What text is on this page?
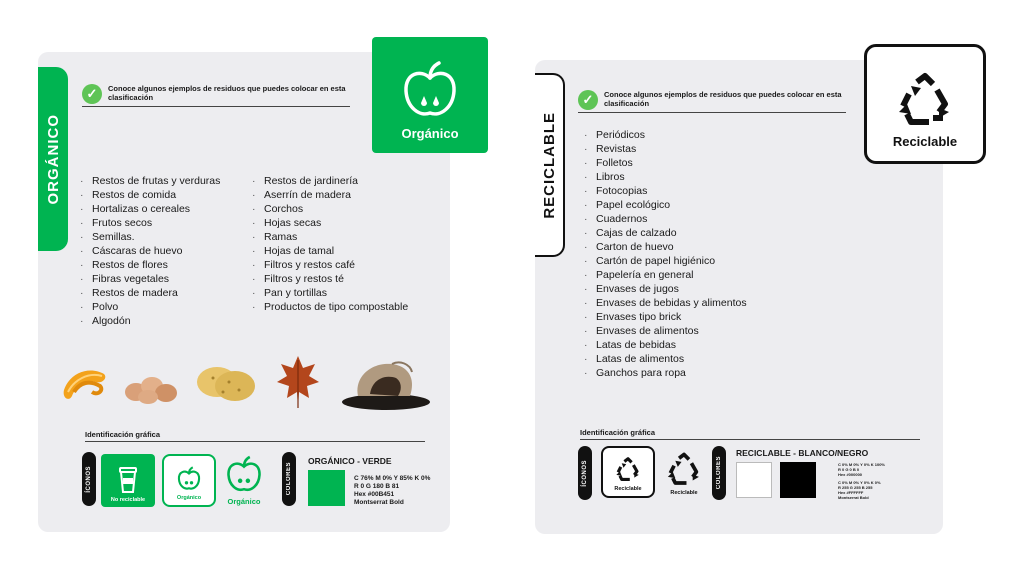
ORGÁNICO
✓	Conoce algunos ejemplos de residuos que puedes colocar en esta clasificación
Orgánico
· Restos de frutas y verduras
· Restos de comida
· Hortalizas o cereales
· Frutos secos
· Semillas.
· Cáscaras de huevo
· Restos de flores
· Fibras vegetales
· Restos de madera
· Polvo
· Algodón
· Restos de jardinería
· Aserrín de madera
· Corchos
· Hojas secas
· Ramas
· Hojas de tamal
· Filtros y restos café
· Filtros y restos té
· Pan y tortillas
· Productos de tipo compostable
Identificación gráfica
ÍCONOS
No reciclable	Orgánico	Orgánico
COLORES
ORGÁNICO - VERDE
C 76% M 0% Y 85% K 0%
R 0 G 180 B 81
Hex #00B451
Montserrat Bold
RECICLABLE
✓	Conoce algunos ejemplos de residuos que puedes colocar en esta clasificación
Reciclable
· Periódicos
· Revistas
· Folletos
· Libros
· Fotocopias
· Papel ecológico
· Cuadernos
· Cajas de calzado
· Carton de huevo
· Cartón de papel higiénico
· Papelería en general
· Envases de jugos
· Envases de bebidas y alimentos
· Envases tipo brick
· Envases de alimentos
· Latas de bebidas
· Latas de alimentos
· Ganchos para ropa
Identificación gráfica
ÍCONOS
Reciclable
Reciclable
COLORES
RECICLABLE - BLANCO/NEGRO
C 0% M 0% Y 0% K 100%
R 0 G 0 B 0
Hex #000000
C 0% M 0% Y 0% K 0%
R 255 G 255 B 255
Hex #FFFFFF
Montserrat Bold
